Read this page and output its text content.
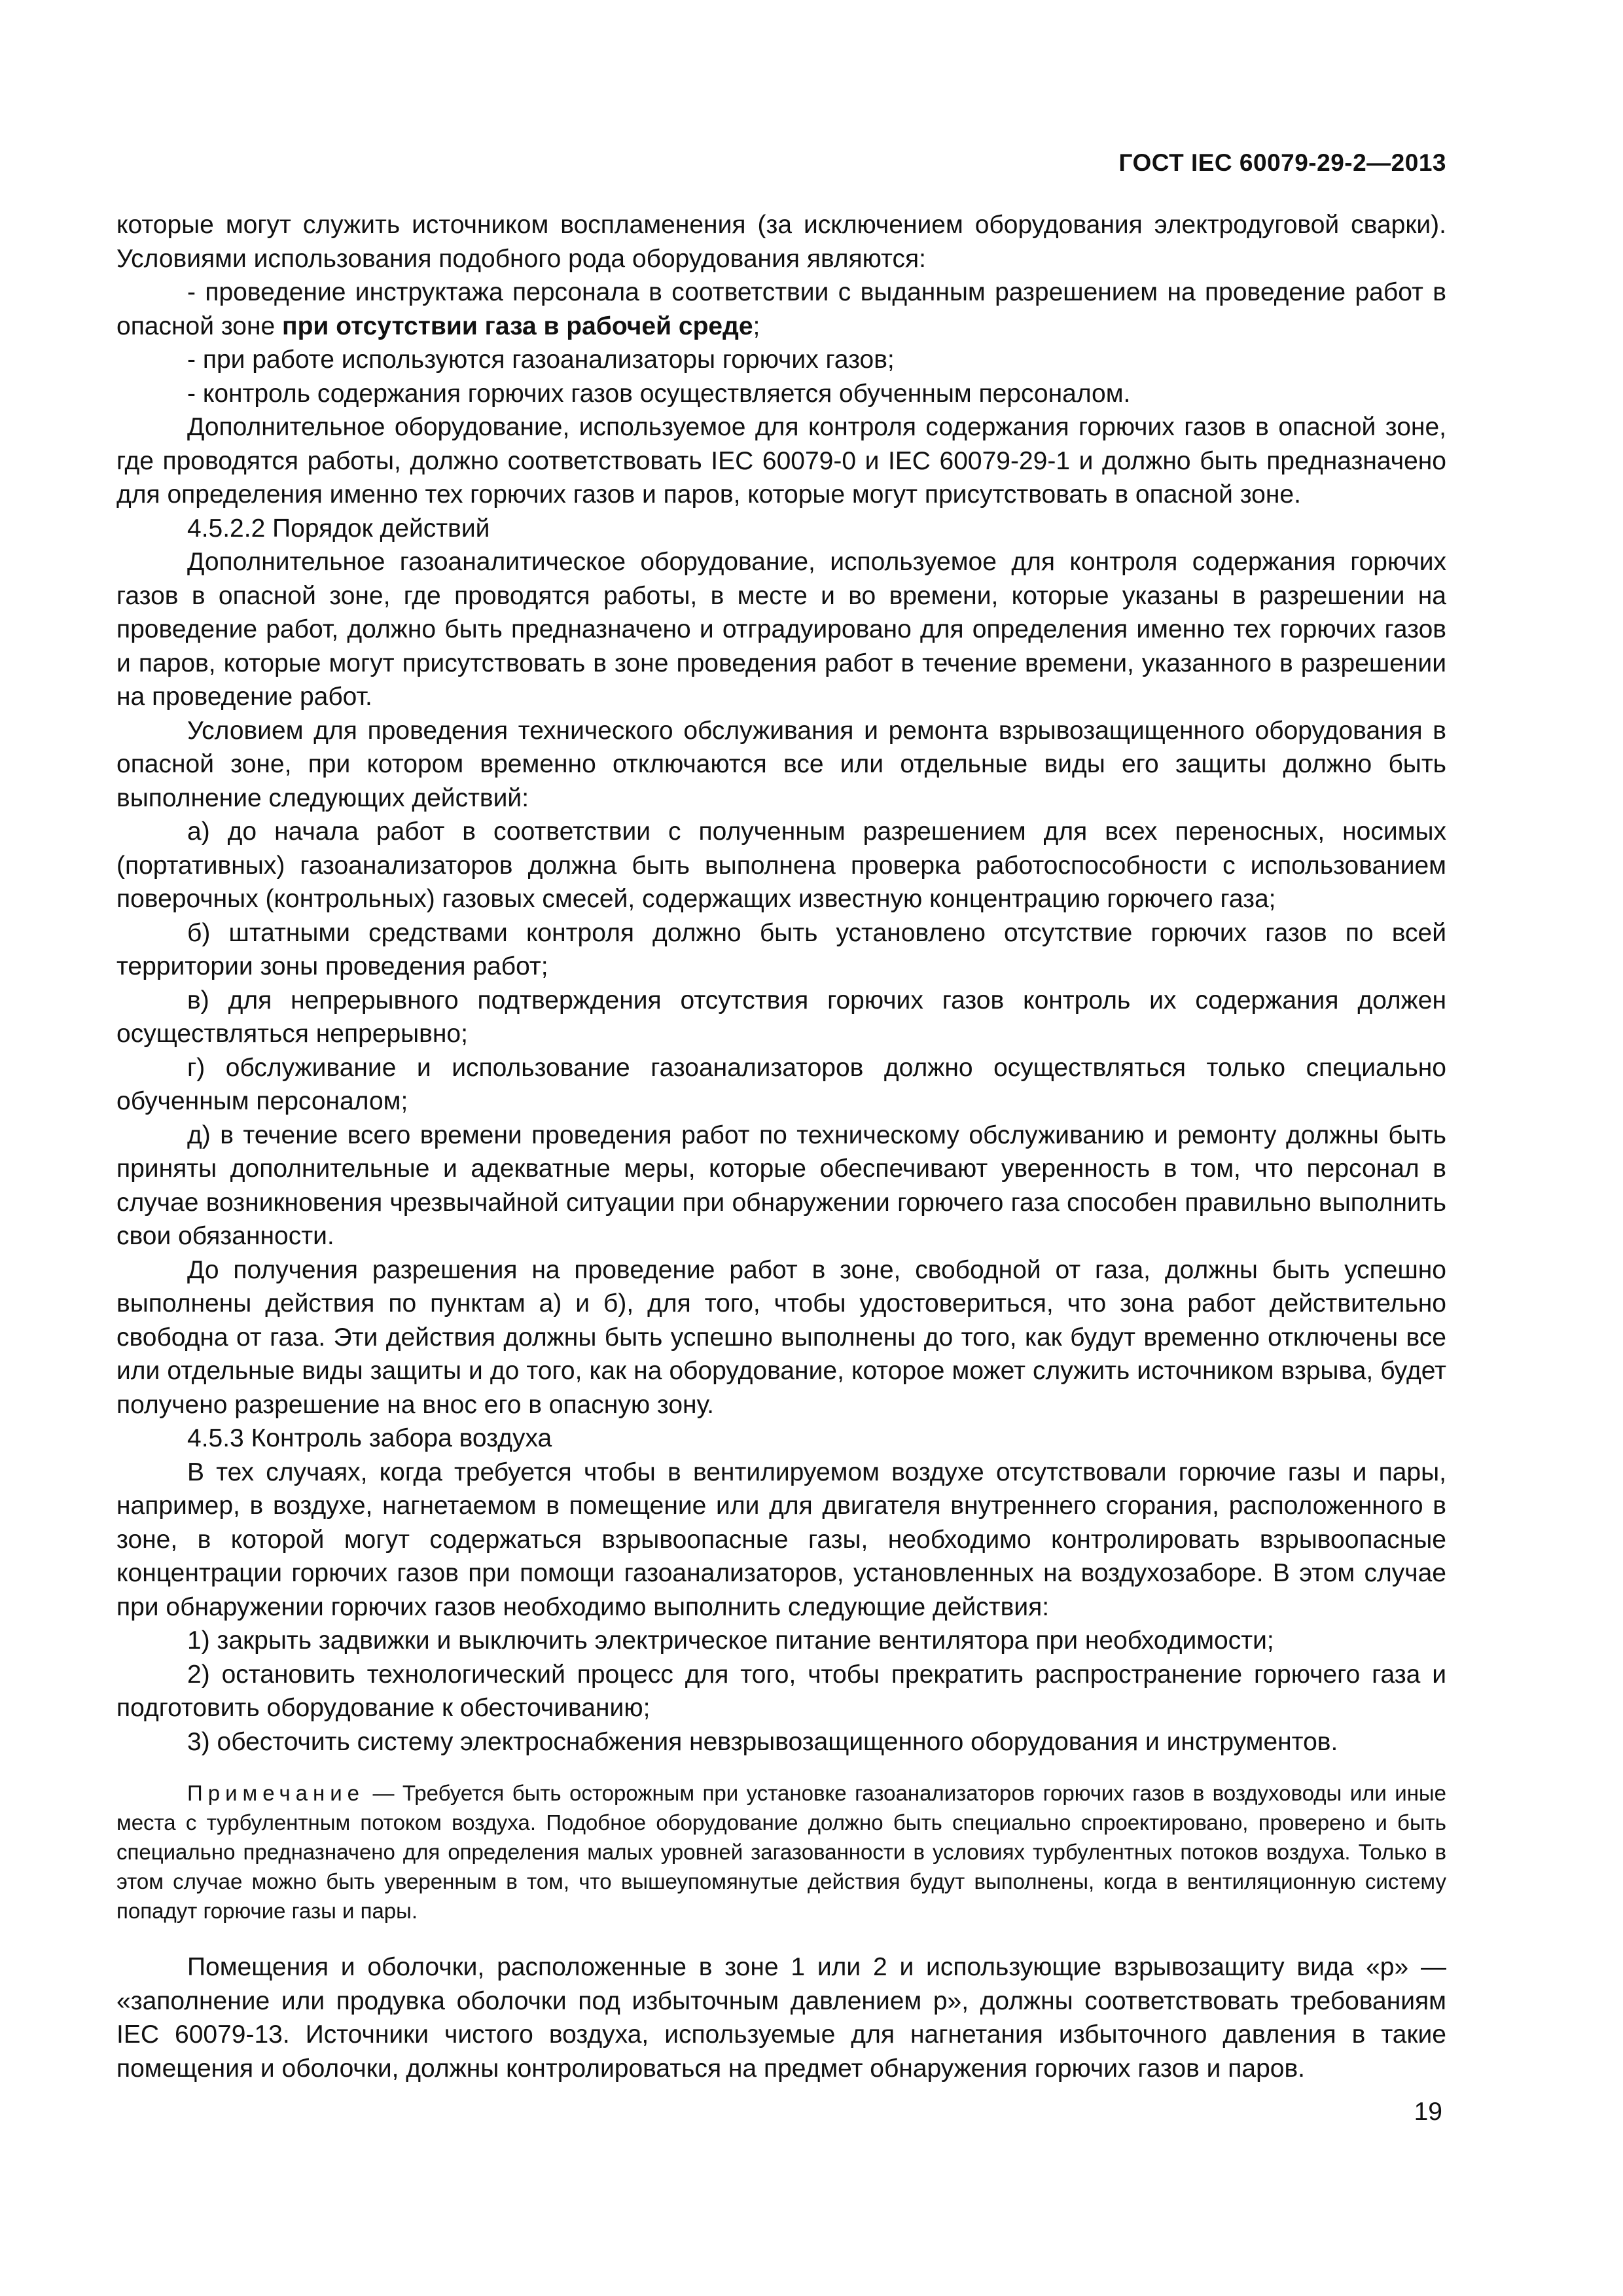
ГОСТ IEC 60079-29-2—2013

которые могут служить источником воспламенения (за исключением оборудования электродуговой сварки). Условиями использования подобного рода оборудования являются:

- проведение инструктажа персонала в соответствии с выданным разрешением на проведение работ в опасной зоне при отсутствии газа в рабочей среде;

- при работе используются газоанализаторы горючих газов;

- контроль содержания горючих газов осуществляется обученным персоналом.

Дополнительное оборудование, используемое для контроля содержания горючих газов в опасной зоне, где проводятся работы, должно соответствовать IEC 60079-0 и IEC 60079-29-1 и должно быть предназначено для определения именно тех горючих газов и паров, которые могут присутствовать в опасной зоне.

4.5.2.2 Порядок действий

Дополнительное газоаналитическое оборудование, используемое для контроля содержания горючих газов в опасной зоне, где проводятся работы, в месте и во времени, которые указаны в разрешении на проведение работ, должно быть предназначено и отградуировано для определения именно тех горючих газов и паров, которые могут присутствовать в зоне проведения работ в течение времени, указанного в разрешении на проведение работ.

Условием для проведения технического обслуживания и ремонта взрывозащищенного оборудования в опасной зоне, при котором временно отключаются все или отдельные виды его защиты должно быть выполнение следующих действий:

а) до начала работ в соответствии с полученным разрешением для всех переносных, носимых (портативных) газоанализаторов должна быть выполнена проверка работоспособности с использованием поверочных (контрольных) газовых смесей, содержащих известную концентрацию горючего газа;

б) штатными средствами контроля должно быть установлено отсутствие горючих газов по всей территории зоны проведения работ;

в) для непрерывного подтверждения отсутствия горючих газов контроль их содержания должен осуществляться непрерывно;

г) обслуживание и использование газоанализаторов должно осуществляться только специально обученным персоналом;

д) в течение всего времени проведения работ по техническому обслуживанию и ремонту должны быть приняты дополнительные и адекватные меры, которые обеспечивают уверенность в том, что персонал в случае возникновения чрезвычайной ситуации при обнаружении горючего газа способен правильно выполнить свои обязанности.

До получения разрешения на проведение работ в зоне, свободной от газа, должны быть успешно выполнены действия по пунктам а) и б), для того, чтобы удостовериться, что зона работ действительно свободна от газа. Эти действия должны быть успешно выполнены до того, как будут временно отключены все или отдельные виды защиты и до того, как на оборудование, которое может служить источником взрыва, будет получено разрешение на внос его в опасную зону.

4.5.3 Контроль забора воздуха

В тех случаях, когда требуется чтобы в вентилируемом воздухе отсутствовали горючие газы и пары, например, в воздухе, нагнетаемом в помещение или для двигателя внутреннего сгорания, расположенного в зоне, в которой могут содержаться взрывоопасные газы, необходимо контролировать взрывоопасные концентрации горючих газов при помощи газоанализаторов, установленных на воздухозаборе. В этом случае при обнаружении горючих газов необходимо выполнить следующие действия:

1) закрыть задвижки и выключить электрическое питание вентилятора при необходимости;

2) остановить технологический процесс для того, чтобы прекратить распространение горючего газа и подготовить оборудование к обесточиванию;

3) обесточить систему электроснабжения невзрывозащищенного оборудования и инструментов.

Примечание — Требуется быть осторожным при установке газоанализаторов горючих газов в воздуховоды или иные места с турбулентным потоком воздуха. Подобное оборудование должно быть специально спроектировано, проверено и быть специально предназначено для определения малых уровней загазованности в условиях турбулентных потоков воздуха. Только в этом случае можно быть уверенным в том, что вышеупомянутые действия будут выполнены, когда в вентиляционную систему попадут горючие газы и пары.

Помещения и оболочки, расположенные в зоне 1 или 2 и использующие взрывозащиту вида «р» — «заполнение или продувка оболочки под избыточным давлением р», должны соответствовать требованиям IEC 60079-13. Источники чистого воздуха, используемые для нагнетания избыточного давления в такие помещения и оболочки, должны контролироваться на предмет обнаружения горючих газов и паров.

19
